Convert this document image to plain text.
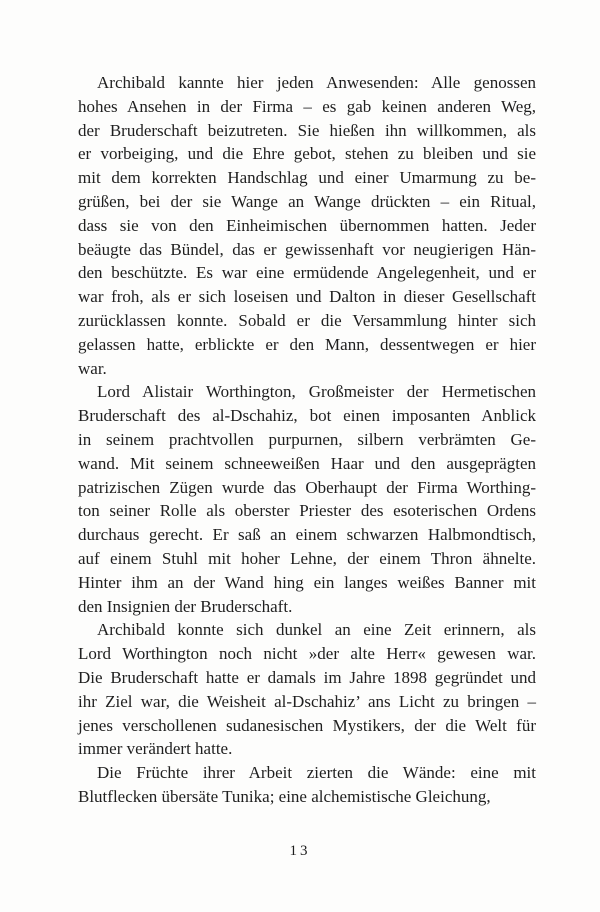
Archibald kannte hier jeden Anwesenden: Alle genossen
hohes Ansehen in der Firma – es gab keinen anderen Weg,
der Bruderschaft beizutreten. Sie hießen ihn willkommen, als
er vorbeiging, und die Ehre gebot, stehen zu bleiben und sie
mit dem korrekten Handschlag und einer Umarmung zu be-
grüßen, bei der sie Wange an Wange drückten – ein Ritual,
dass sie von den Einheimischen übernommen hatten. Jeder
beäugte das Bündel, das er gewissenhaft vor neugierigen Hän-
den beschützte. Es war eine ermüdende Angelegenheit, und er
war froh, als er sich loseisen und Dalton in dieser Gesellschaft
zurücklassen konnte. Sobald er die Versammlung hinter sich
gelassen hatte, erblickte er den Mann, dessentwegen er hier
war.
Lord Alistair Worthington, Großmeister der Hermetischen
Bruderschaft des al-Dschahiz, bot einen imposanten Anblick
in seinem prachtvollen purpurnen, silbern verbrämten Ge-
wand. Mit seinem schneeweißen Haar und den ausgeprägten
patrizischen Zügen wurde das Oberhaupt der Firma Worthing-
ton seiner Rolle als oberster Priester des esoterischen Ordens
durchaus gerecht. Er saß an einem schwarzen Halbmondtisch,
auf einem Stuhl mit hoher Lehne, der einem Thron ähnelte.
Hinter ihm an der Wand hing ein langes weißes Banner mit
den Insignien der Bruderschaft.
Archibald konnte sich dunkel an eine Zeit erinnern, als
Lord Worthington noch nicht »der alte Herr« gewesen war.
Die Bruderschaft hatte er damals im Jahre 1898 gegründet und
ihr Ziel war, die Weisheit al-Dschahiz’ ans Licht zu bringen –
jenes verschollenen sudanesischen Mystikers, der die Welt für
immer verändert hatte.
Die Früchte ihrer Arbeit zierten die Wände: eine mit
Blutflecken übersäte Tunika; eine alchemistische Gleichung,
13
